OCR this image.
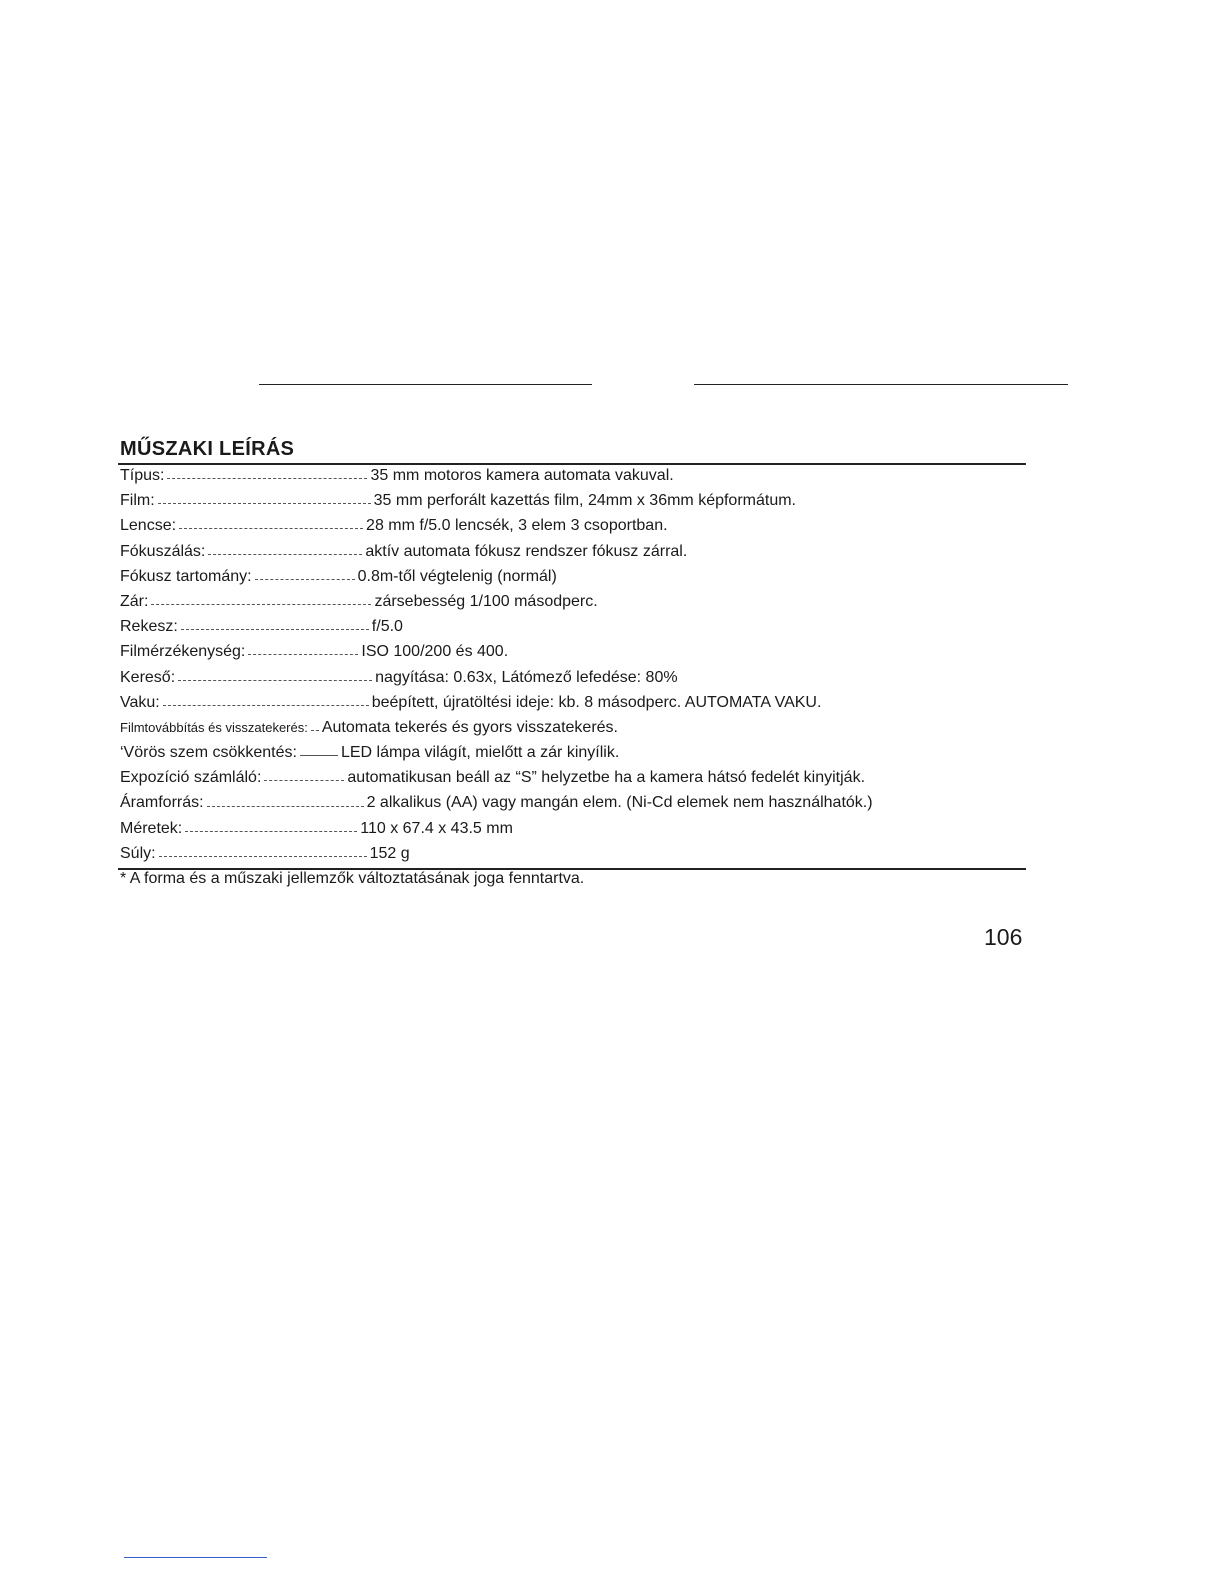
MŰSZAKI LEÍRÁS
Típus:	35 mm motoros kamera automata vakuval.
Film:	35 mm perforált kazettás film, 24mm x 36mm képformátum.
Lencse:	28 mm f/5.0 lencsék, 3 elem 3 csoportban.
Fókuszálás:	aktív automata fókusz rendszer fókusz zárral.
Fókusz tartomány:	0.8m-től végtelenig (normál)
Zár:	zársebesség 1/100 másodperc.
Rekesz:	f/5.0
Filmérzékenység:	ISO 100/200 és 400.
Kereső:	nagyítása: 0.63x, Látómező lefedése: 80%
Vaku:	beépített, újratöltési ideje: kb. 8 másodperc. AUTOMATA VAKU.
Filmtovábbítás és visszatekerés: Automata tekerés és gyors visszatekerés.
‘Vörös szem csökkentés:	LED lámpa világít, mielőtt a zár kinyílik.
Expozíció számláló:	automatikusan beáll az “S” helyzetbe ha a kamera hátsó fedelét kinyitják.
Áramforrás:	2 alkalikus (AA) vagy mangán elem. (Ni-Cd elemek nem használhatók.)
Méretek:	110 x 67.4 x 43.5 mm
Súly:	152 g
* A forma és a műszaki jellemzők változtatásának joga fenntartva.
106
